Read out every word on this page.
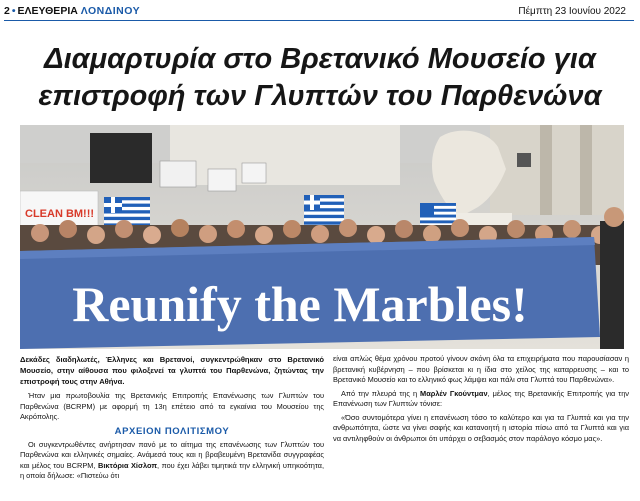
2 • ΕΛΕΥΘΕΡΙΑ ΛΟΝΔΙΝΟΥ	Πέμπτη 23 Ιουνίου 2022
Διαμαρτυρία στο Βρετανικό Μουσείο για
επιστροφή των Γλυπτών του Παρθενώνα
CLEAN BM!!!
Reunify the Marbles!

Δεκάδες διαδηλωτές, Έλληνες και Βρετανοί, συγκεντρώθηκαν στο Βρετανικό Μουσείο, στην αίθουσα που φιλοξενεί τα γλυπτά του Παρθενώνα, ζητώντας την επιστροφή τους στην Αθήνα.

Ήταν μια πρωτοβουλία της Βρετανικής Επιτροπής Επανένωσης των Γλυπτών του Παρθενώνα (BCRPM) με αφορμή τη 13η επέτειο από τα εγκαίνια του Μουσείου της Ακρόπολης.

ΑΡΧΕΙΟΝ ΠΟΛΙΤΙΣΜΟΥ

Οι συγκεντρωθέντες ανήρτησαν πανό με το αίτημα της επανένωσης των Γλυπτών του Παρθενώνα και ελληνικές σημαίες. Ανάμεσά τους και η βραβευμένη Βρετανίδα συγγραφέας και μέλος του BCRPM, Βικτόρια Χίσλοπ, που έχει λάβει τιμητικά την ελληνική υπηκοότητα, η οποία δήλωσε: «Πιστεύω ότι

είναι απλώς θέμα χρόνου προτού γίνουν σκόνη όλα τα επιχειρήματα που παρουσίασαν η βρετανική κυβέρνηση – που βρίσκεται κι η ίδια στο χείλος της καταρρευσης – και το Βρετανικό Μουσείο και το ελληνικό φως λάμψει και πάλι στα Γλυπτά του Παρθενώνα».

Από την πλευρά της η Μαρλέν Γκούντμαν, μέλος της Βρετανικής Επιτροπής για την Επανένωση των Γλυπτών τόνισε:

«Όσο συντομότερα γίνει η επανένωση τόσο το καλύτερο και για τα Γλυπτά και για την ανθρωπότητα, ώστε να γίνει σαφής και κατανοητή η ιστορία πίσω από τα Γλυπτά και για να αντιληφθούν οι άνθρωποι ότι υπάρχει ο σεβασμός στον παράλογο κόσμο μας».
